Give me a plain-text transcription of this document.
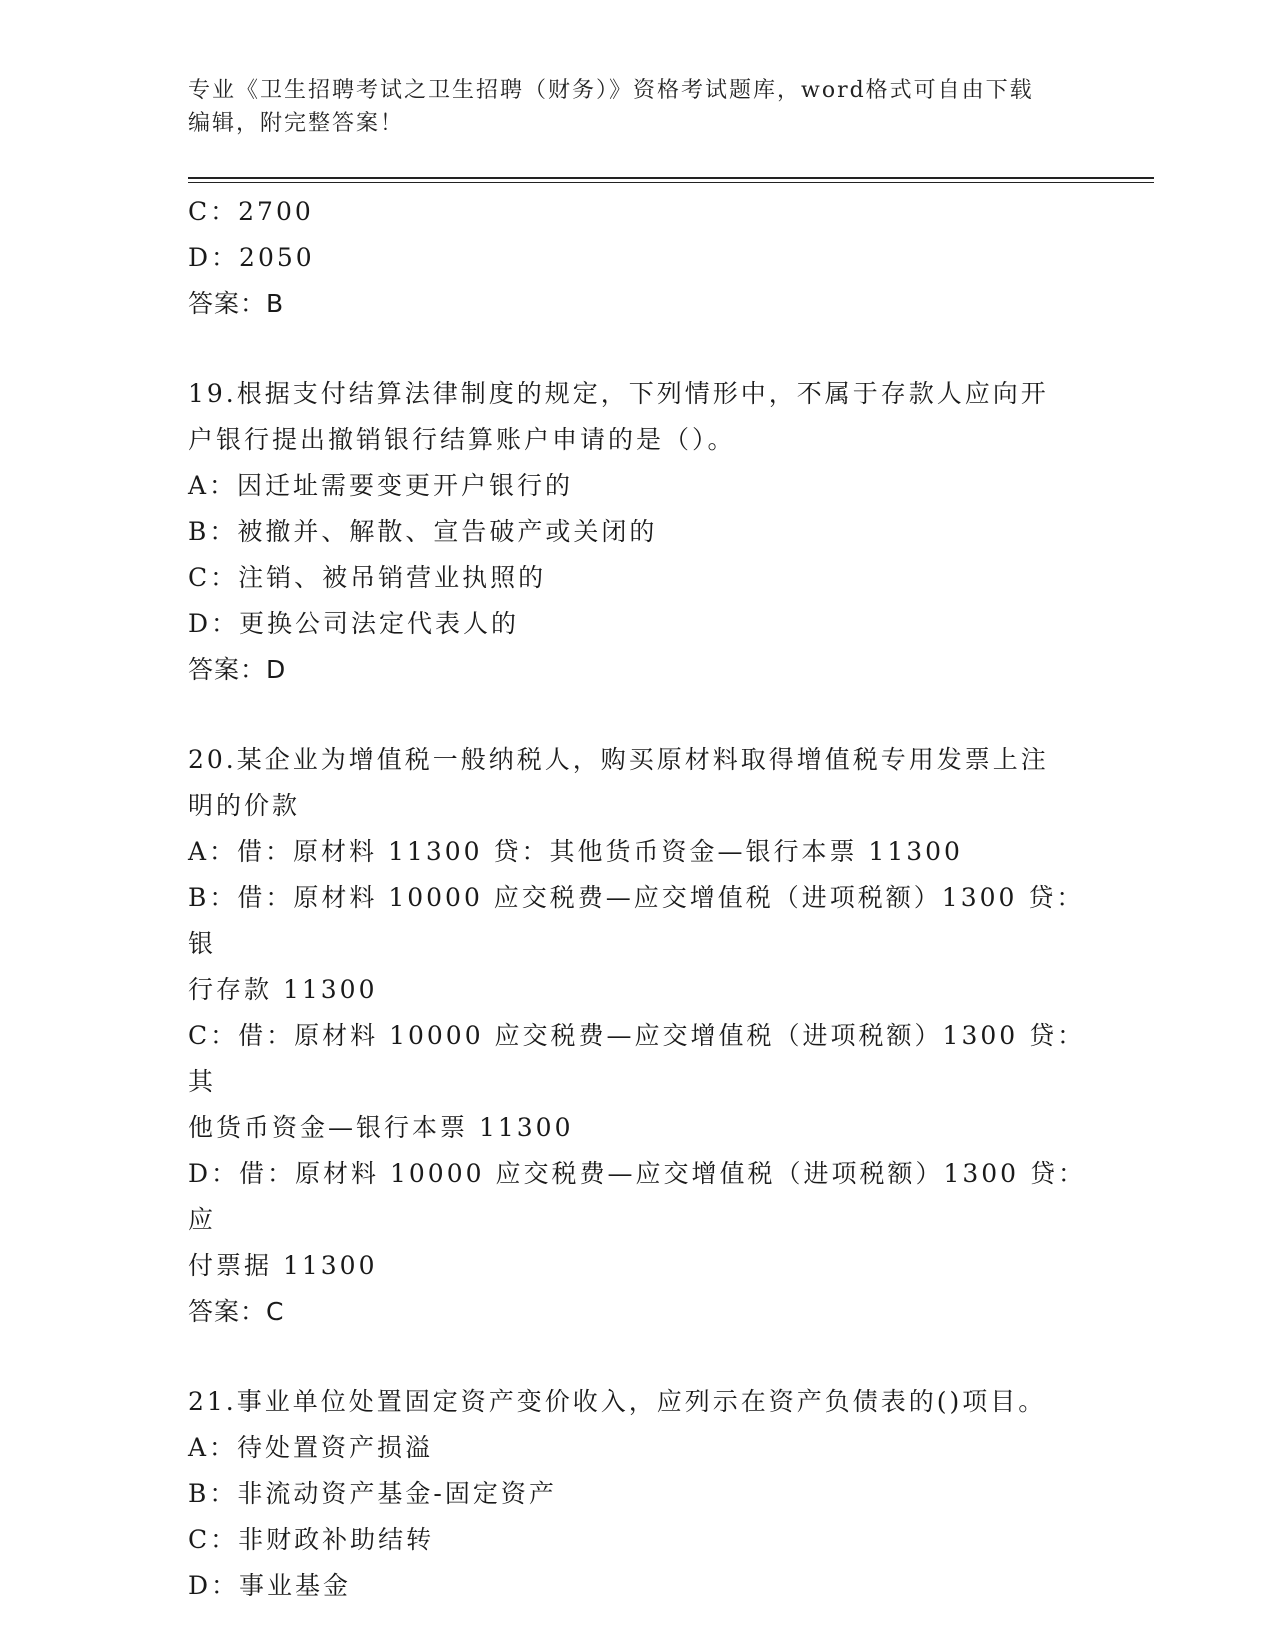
专业《卫生招聘考试之卫生招聘（财务）》资格考试题库，word格式可自由下载
编辑，附完整答案！
C：2700
D：2050
答案：B
19.根据支付结算法律制度的规定，下列情形中，不属于存款人应向开
户银行提出撤销银行结算账户申请的是（）。
A：因迁址需要变更开户银行的
B：被撤并、解散、宣告破产或关闭的
C：注销、被吊销营业执照的
D：更换公司法定代表人的
答案：D
20.某企业为增值税一般纳税人，购买原材料取得增值税专用发票上注
明的价款
A：借：原材料 11300 贷：其他货币资金—银行本票 11300
B：借：原材料 10000 应交税费—应交增值税（进项税额）1300 贷：银
行存款 11300
C：借：原材料 10000 应交税费—应交增值税（进项税额）1300 贷：其
他货币资金—银行本票 11300
D：借：原材料 10000 应交税费—应交增值税（进项税额）1300 贷：应
付票据 11300
答案：C
21.事业单位处置固定资产变价收入，应列示在资产负债表的()项目。
A：待处置资产损溢
B：非流动资产基金-固定资产
C：非财政补助结转
D：事业基金
